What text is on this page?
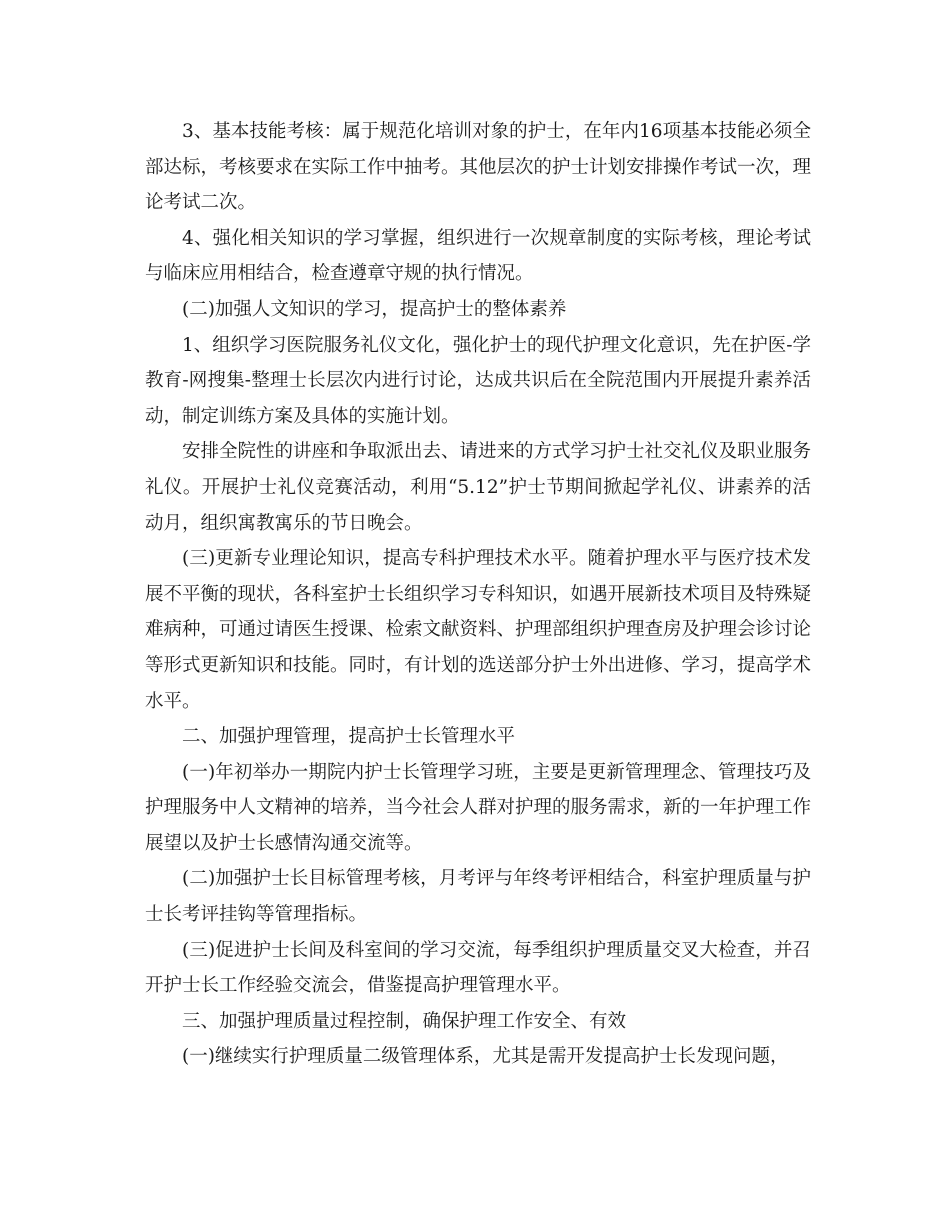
3、基本技能考核：属于规范化培训对象的护士，在年内16项基本技能必须全部达标，考核要求在实际工作中抽考。其他层次的护士计划安排操作考试一次，理论考试二次。

4、强化相关知识的学习掌握，组织进行一次规章制度的实际考核，理论考试与临床应用相结合，检查遵章守规的执行情况。

(二)加强人文知识的学习，提高护士的整体素养

1、组织学习医院服务礼仪文化，强化护士的现代护理文化意识，先在护医-学教育-网搜集-整理士长层次内进行讨论，达成共识后在全院范围内开展提升素养活动，制定训练方案及具体的实施计划。

安排全院性的讲座和争取派出去、请进来的方式学习护士社交礼仪及职业服务礼仪。开展护士礼仪竞赛活动，利用“5.12”护士节期间掀起学礼仪、讲素养的活动月，组织寓教寓乐的节日晚会。

(三)更新专业理论知识，提高专科护理技术水平。随着护理水平与医疗技术发展不平衡的现状，各科室护士长组织学习专科知识，如遇开展新技术项目及特殊疑难病种，可通过请医生授课、检索文献资料、护理部组织护理查房及护理会诊讨论等形式更新知识和技能。同时，有计划的选送部分护士外出进修、学习，提高学术水平。

二、加强护理管理，提高护士长管理水平

(一)年初举办一期院内护士长管理学习班，主要是更新管理理念、管理技巧及护理服务中人文精神的培养，当今社会人群对护理的服务需求，新的一年护理工作展望以及护士长感情沟通交流等。

(二)加强护士长目标管理考核，月考评与年终考评相结合，科室护理质量与护士长考评挂钩等管理指标。

(三)促进护士长间及科室间的学习交流，每季组织护理质量交叉大检查，并召开护士长工作经验交流会，借鉴提高护理管理水平。

三、加强护理质量过程控制，确保护理工作安全、有效

(一)继续实行护理质量二级管理体系，尤其是需开发提高护士长发现问题，
